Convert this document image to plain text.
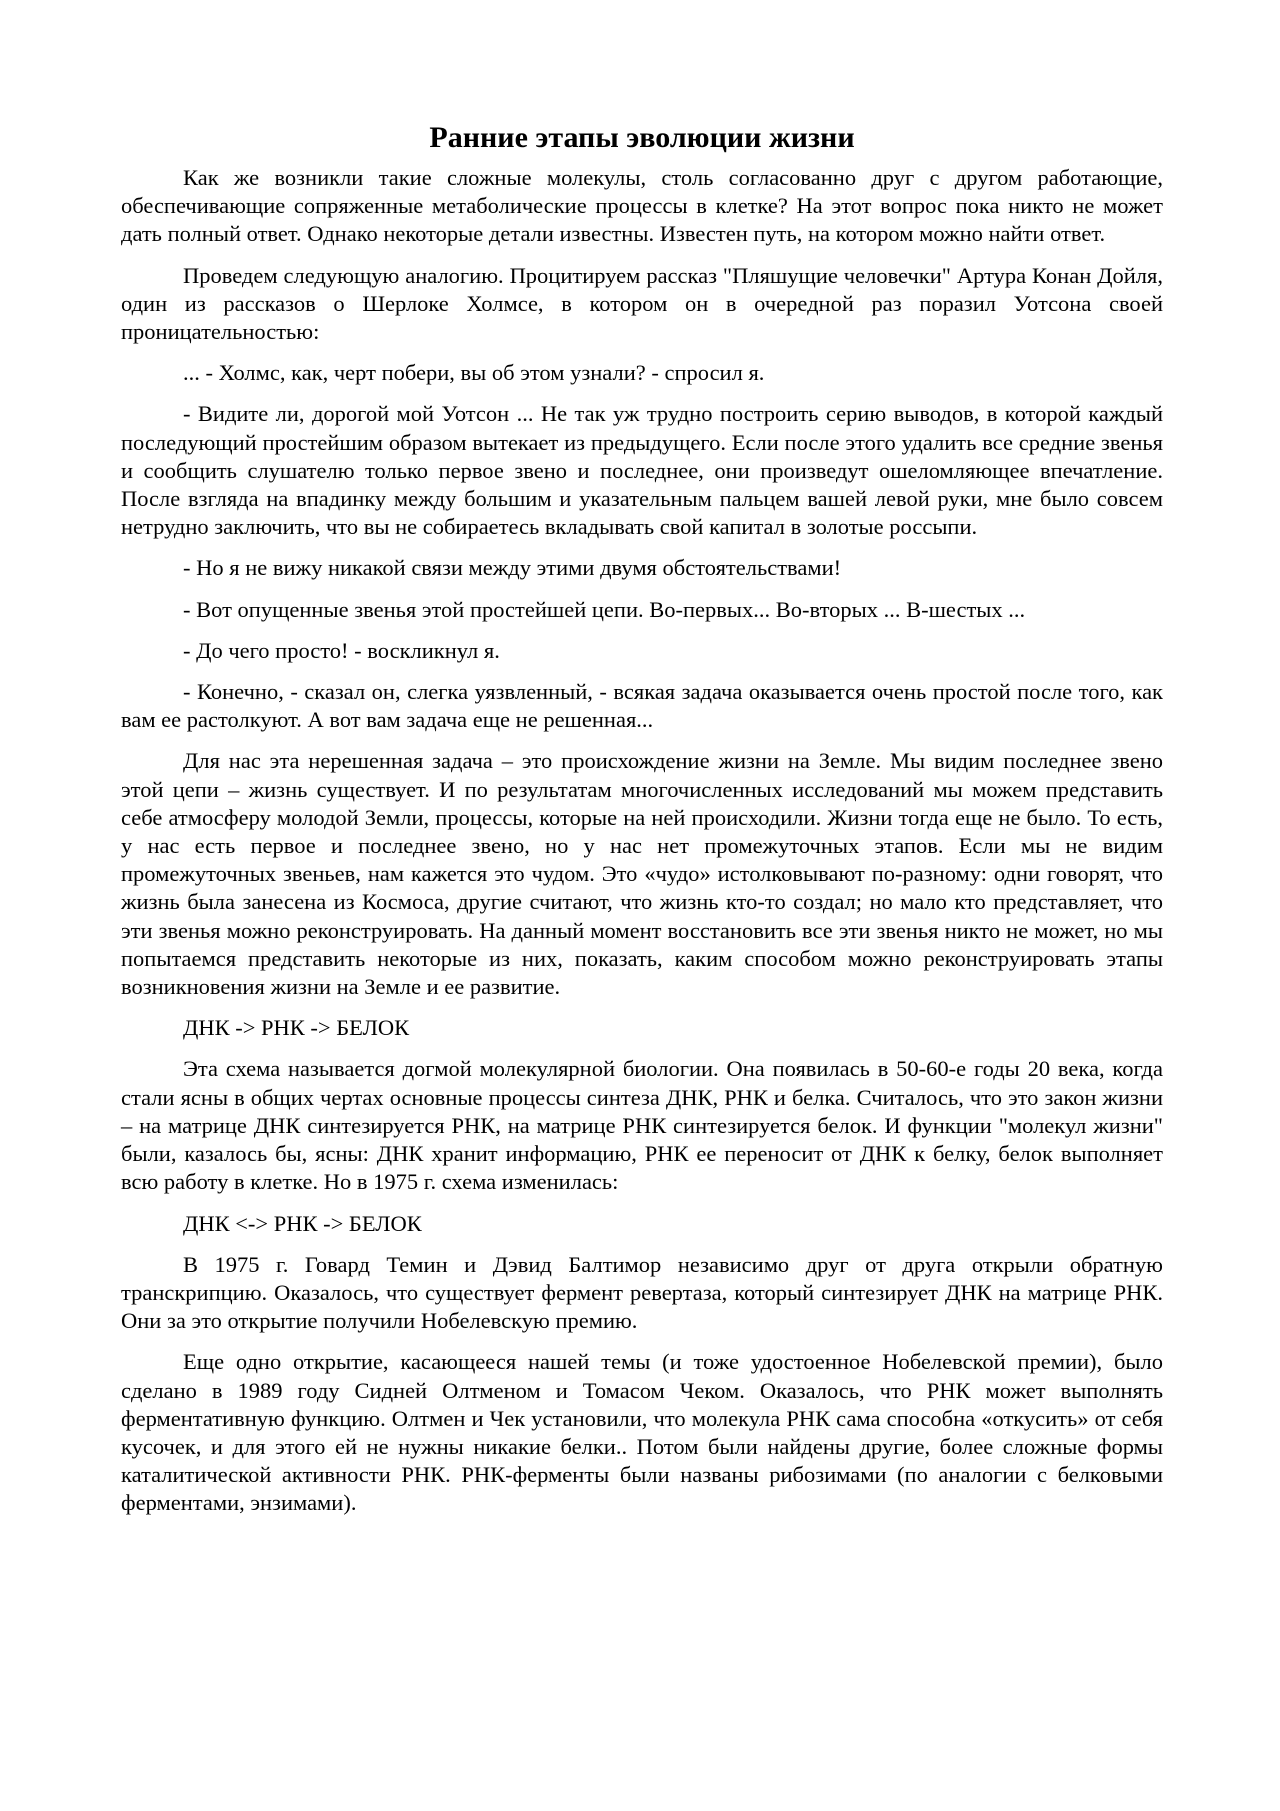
Ранние этапы эволюции жизни

Как же возникли такие сложные молекулы, столь согласованно друг с другом работающие, обеспечивающие сопряженные метаболические процессы в клетке? На этот вопрос пока никто не может дать полный ответ. Однако некоторые детали известны. Известен путь, на котором можно найти ответ.

Проведем следующую аналогию. Процитируем рассказ "Пляшущие человечки" Артура Конан Дойля, один из рассказов о Шерлоке Холмсе, в котором он в очередной раз поразил Уотсона своей проницательностью:

... - Холмс, как, черт побери, вы об этом узнали? - спросил я.

- Видите ли, дорогой мой Уотсон ... Не так уж трудно построить серию выводов, в которой каждый последующий простейшим образом вытекает из предыдущего. Если после этого удалить все средние звенья и сообщить слушателю только первое звено и последнее, они произведут ошеломляющее впечатление. После взгляда на впадинку между большим и указательным пальцем вашей левой руки, мне было совсем нетрудно заключить, что вы не собираетесь вкладывать свой капитал в золотые россыпи.

- Но я не вижу никакой связи между этими двумя обстоятельствами!

- Вот опущенные звенья этой простейшей цепи. Во-первых... Во-вторых ... В-шестых ...

- До чего просто! - воскликнул я.

- Конечно, - сказал он, слегка уязвленный, - всякая задача оказывается очень простой после того, как вам ее растолкуют. А вот вам задача еще не решенная...

Для нас эта нерешенная задача – это происхождение жизни на Земле. Мы видим последнее звено этой цепи – жизнь существует. И по результатам многочисленных исследований мы можем представить себе атмосферу молодой Земли, процессы, которые на ней происходили. Жизни тогда еще не было. То есть, у нас есть первое и последнее звено, но у нас нет промежуточных этапов. Если мы не видим промежуточных звеньев, нам кажется это чудом. Это «чудо» истолковывают по-разному: одни говорят, что жизнь была занесена из Космоса, другие считают, что жизнь кто-то создал; но мало кто представляет, что эти звенья можно реконструировать. На данный момент восстановить все эти звенья никто не может, но мы попытаемся представить некоторые из них, показать, каким способом можно реконструировать этапы возникновения жизни на Земле и ее развитие.

ДНК -> РНК -> БЕЛОК

Эта схема называется догмой молекулярной биологии. Она появилась в 50-60-е годы 20 века, когда стали ясны в общих чертах основные процессы синтеза ДНК, РНК и белка. Считалось, что это закон жизни – на матрице ДНК синтезируется РНК, на матрице РНК синтезируется белок. И функции "молекул жизни" были, казалось бы, ясны: ДНК хранит информацию, РНК ее переносит от ДНК к белку, белок выполняет всю работу в клетке. Но в 1975 г. схема изменилась:

ДНК <-> РНК -> БЕЛОК

В 1975 г. Говард Темин и Дэвид Балтимор независимо друг от друга открыли обратную транскрипцию. Оказалось, что существует фермент ревертаза, который синтезирует ДНК на матрице РНК. Они за это открытие получили Нобелевскую премию.

Еще одно открытие, касающееся нашей темы (и тоже удостоенное Нобелевской премии), было сделано в 1989 году Сидней Олтменом и Томасом Чеком. Оказалось, что РНК может выполнять ферментативную функцию. Олтмен и Чек установили, что молекула РНК сама способна «откусить» от себя кусочек, и для этого ей не нужны никакие белки.. Потом были найдены другие, более сложные формы каталитической активности РНК. РНК-ферменты были названы рибозимами (по аналогии с белковыми ферментами, энзимами).
